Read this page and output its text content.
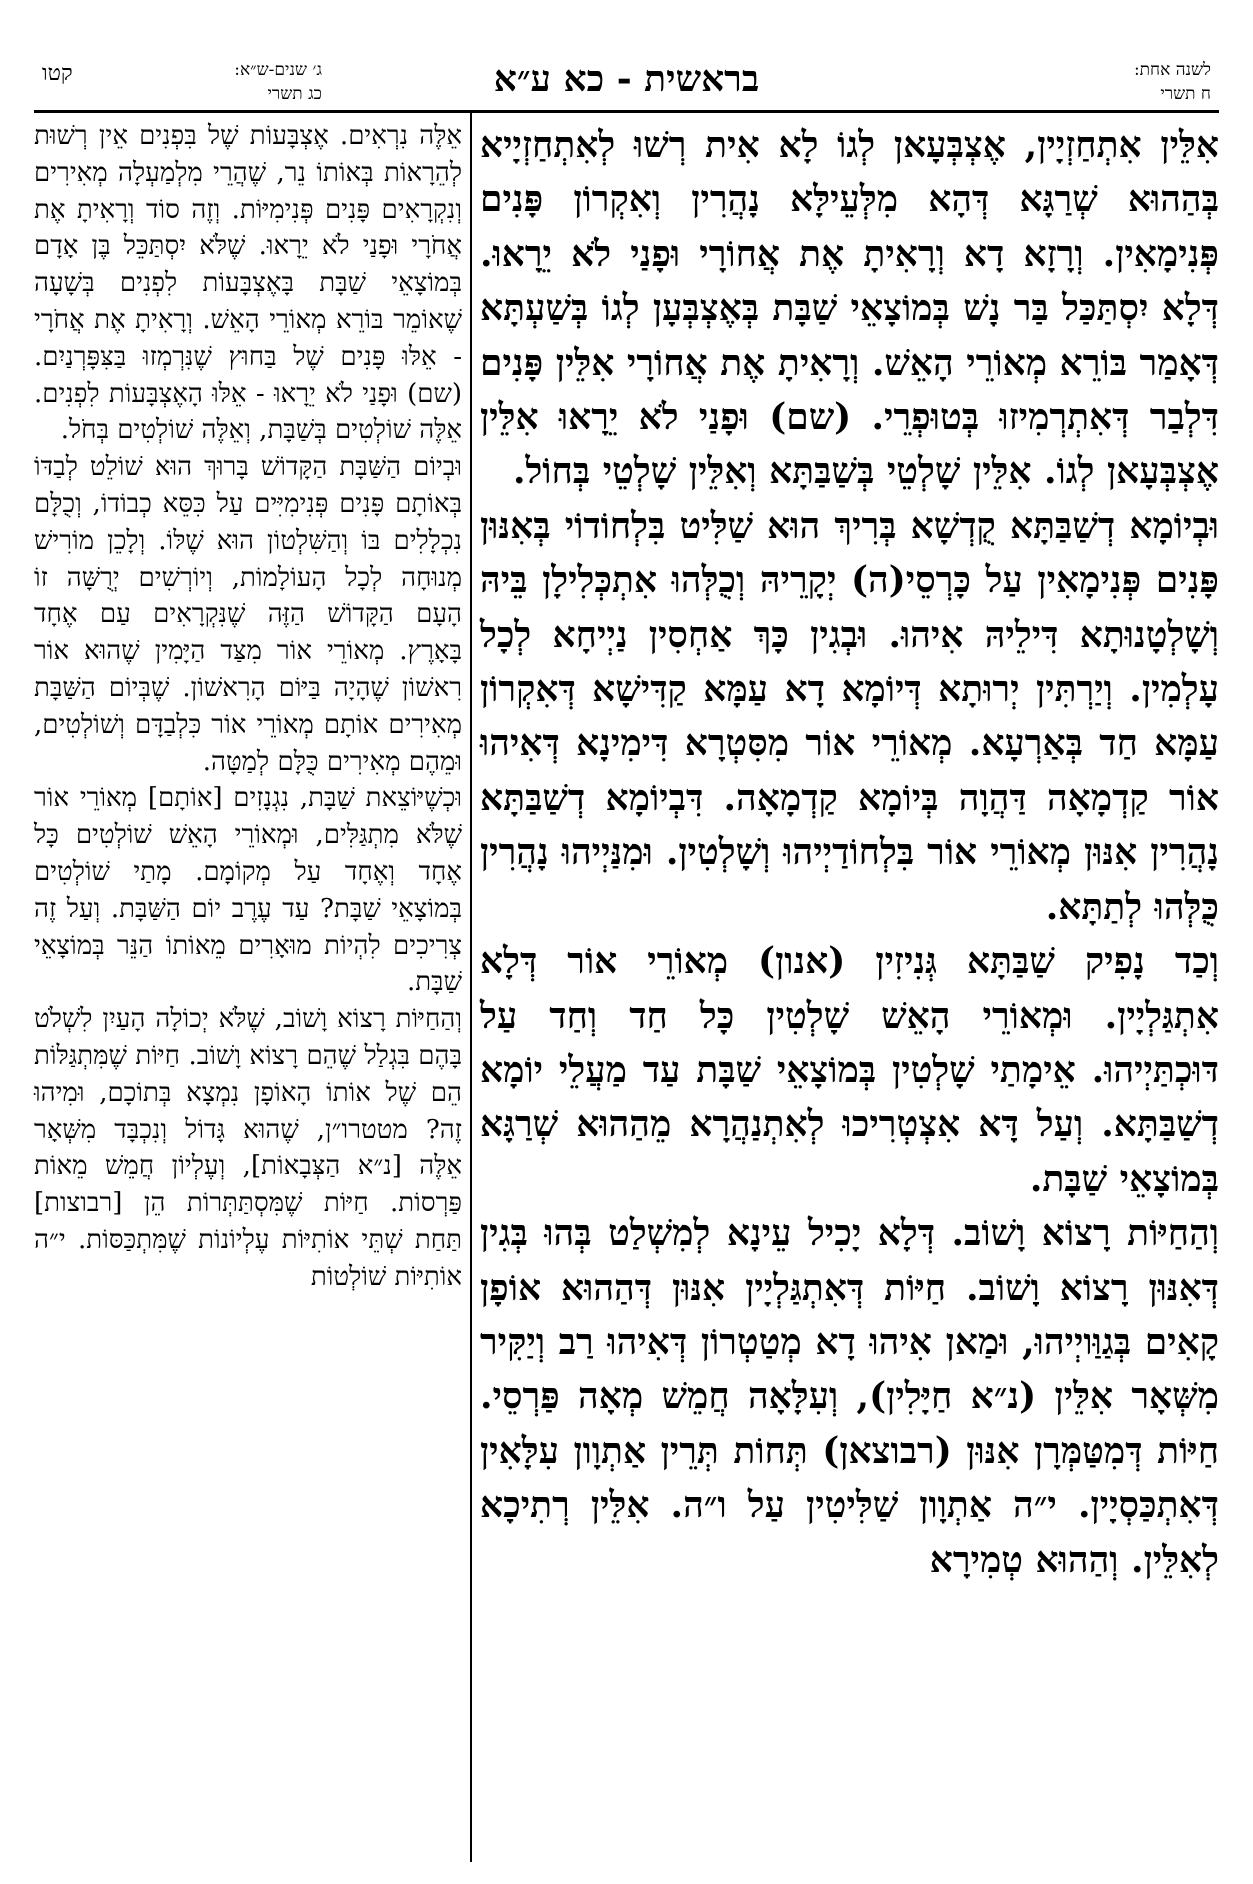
קטו	ג׳ שנים-ש״א:
כג תשרי	בראשית - כא ע״א	לשנה אחת:
ח תשרי

אִלֵּין אִתְחַזְיָין, אֶצְבְּעָאן לְגוֹ לָא אִית רְשׁוּ לְאִתְחַזְיָיא בְּהַהוּא שְׁרַגָּא דְּהָא מִלְּעֵילָּא נָהֲרִין וְאִקְרוֹן פָּנִים פְּנִימָאִין. וְרָזָא דָא וְרָאִיתָ אֶת אֲחוֹרָי וּפָנַי לֹא יֵרָאוּ. דְּלָא יִסְתַּכַּל בַּר נָשׁ בְּמוֹצָאֵי שַׁבָּת בְּאֶצְבְּעָן לְגוֹ בְּשַׁעְתָּא דְּאָמַר בּוֹרֵא מְאוֹרֵי הָאֵשׁ. וְרָאִיתָ אֶת אֲחוֹרָי אִלֵּין פָּנִים דִּלְבַר דְּאִתְרְמִיזוּ בְּטוּפְרֵי. (שם) וּפָנַי לֹא יֵרָאוּ אִלֵּין אֶצְבְּעָאן לְגוֹ. אִלֵּין שָׁלְטֵי בְּשַׁבַּתָּא וְאִלֵּין שָׁלְטֵי בְּחוֹל.

וּבְיוֹמָא דְשַׁבַּתָּא קֻדְשָׁא בְּרִיךְ הוּא שַׁלִּיט בִּלְחוֹדוֹי בְּאִנּוּן פָּנִים פְּנִימָאִין עַל כָּרְסֵי(ה) יְקָרֵיהּ וְכֻלְּהוּ אִתְכְּלִילָן בֵּיהּ וְשָׁלְטָנוּתָא דִּילֵיהּ אִיהוּ. וּבְגִין כָּךְ אַחְסִין נַיְיחָא לְכָל עָלְמִין. וְיַרְתִּין יְרוּתָא דְּיוֹמָא דָא עַמָּא קַדִּישָׁא דְּאִקְרוֹן עַמָּא חַד בְּאַרְעָא. מְאוֹרֵי אוֹר מִסִּטְרָא דִּימִינָא דְּאִיהוּ אוֹר קַדְמָאָה דַּהֲוָה בְּיוֹמָא קַדְמָאָה. דִּבְיוֹמָא דְשַׁבַּתָּא נָהֲרִין אִנּוּן מְאוֹרֵי אוֹר בִּלְחוֹדַיְיהוּ וְשָׁלְטִין. וּמִנַּיְיהוּ נָהֲרִין כֻּלְּהוּ לְתַתָּא.

וְכַד נָפִיק שַׁבַּתָּא גְּנִיזִין (אנון) מְאוֹרֵי אוֹר דְּלָא אִתְגַּלְיָין. וּמְאוֹרֵי הָאֵשׁ שָׁלְטִין כָּל חַד וְחַד עַל דּוּכְתַּיְיהוּ. אֵימָתַי שָׁלְטִין בְּמוֹצָאֵי שַׁבָּת עַד מַעֲלֵי יוֹמָא דְשַׁבַּתָּא. וְעַל דָּא אִצְטְרִיכוּ לְאִתְנַהֲרָא מֵהַהוּא שְׁרַגָּא בְּמוֹצָאֵי שַׁבָּת.

וְהַחַיּוֹת רָצוֹא וָשׁוֹב. דְּלָא יָכִיל עֵינָא לְמִשְׁלַט בְּהוּ בְּגִין דְּאִנּוּן רָצוֹא וָשׁוֹב. חַיּוֹת דְּאִתְגַּלְיָין אִנּוּן דְּהַהוּא אוֹפָן קָאִים בְּגַוַּויְיהוּ, וּמַאן אִיהוּ דָא מְטַטְרוֹן דְּאִיהוּ רַב וְיַקִּיר מִשְּׁאָר אִלֵּין (נ״א חַיָּלִין), וְעִלָּאָה חֲמֵשׁ מְאָה פַּרְסֵי. חַיּוֹת דְּמִטַּמְּרָן אִנּוּן (רבוצאן) תְּחוֹת תְּרֵין אַתְוָון עִלָּאִין דְּאִתְכַּסְיָין. י״ה אַתְוָון שַׁלִּיטִין עַל ו״ה. אִלֵּין רְתִיכָא לְאִלֵּין. וְהַהוּא טְמִירָא

אֵלֶּה נִרְאִים. אֶצְבָּעוֹת שֶׁל בִּפְנִים אֵין רְשׁוּת לְהֵרָאוֹת בְּאוֹתוֹ נֵר, שֶׁהֲרֵי מִלְמַעְלָה מְאִירִים וְנִקְרָאִים פָּנִים פְּנִימִיּוֹת. וְזֶה סוֹד וְרָאִיתָ אֶת אֲחֹרָי וּפָנַי לֹא יֵרָאוּ. שֶׁלֹּא יִסְתַּכֵּל בֶּן אָדָם בְּמוֹצָאֵי שַׁבָּת בָּאֶצְבָּעוֹת לִפְנִים בְּשָׁעָה שֶׁאוֹמֵר בּוֹרֵא מְאוֹרֵי הָאֵשׁ. וְרָאִיתָ אֶת אֲחֹרָי - אֵלּוּ פָּנִים שֶׁל בַּחוּץ שֶׁנִּרְמְזוּ בַּצִּפָּרְנַיִם. (שם) וּפָנַי לֹא יֵרָאוּ - אֵלּוּ הָאֶצְבָּעוֹת לִפְנִים. אֵלֶּה שׁוֹלְטִים בְּשַׁבָּת, וְאֵלֶּה שׁוֹלְטִים בְּחֹל.

וּבְיוֹם הַשַּׁבָּת הַקָּדוֹשׁ בָּרוּךְ הוּא שׁוֹלֵט לְבַדּוֹ בְּאוֹתָם פָּנִים פְּנִימִיִּים עַל כִּסֵּא כְבוֹדוֹ, וְכֻלָּם נִכְלָלִים בּוֹ וְהַשִּׁלְטוֹן הוּא שֶׁלּוֹ. וְלָכֵן מוֹרִישׁ מְנוּחָה לְכָל הָעוֹלָמוֹת, וְיוֹרְשִׁים יְרֻשָּׁה זוֹ הָעָם הַקָּדוֹשׁ הַזֶּה שֶׁנִּקְרָאִים עַם אֶחָד בָּאָרֶץ. מְאוֹרֵי אוֹר מִצַּד הַיָּמִין שֶׁהוּא אוֹר רִאשׁוֹן שֶׁהָיָה בַּיּוֹם הָרִאשׁוֹן. שֶׁבְּיוֹם הַשַּׁבָּת מְאִירִים אוֹתָם מְאוֹרֵי אוֹר כִּלְבַדָּם וְשׁוֹלְטִים, וּמֵהֶם מְאִירִים כֻּלָּם לְמַטָּה.

וּכְשֶׁיּוֹצֵאת שַׁבָּת, נִגְנָזִים [אוֹתָם] מְאוֹרֵי אוֹר שֶׁלֹּא מִתְגַּלִּים, וּמְאוֹרֵי הָאֵשׁ שׁוֹלְטִים כָּל אֶחָד וְאֶחָד עַל מְקוֹמָם. מָתַי שׁוֹלְטִים בְּמוֹצָאֵי שַׁבָּת? עַד עֶרֶב יוֹם הַשַּׁבָּת. וְעַל זֶה צְרִיכִים לִהְיוֹת מוּאָרִים מֵאוֹתוֹ הַנֵּר בְּמוֹצָאֵי שַׁבָּת.

וְהַחַיּוֹת רָצוֹא וָשׁוֹב, שֶׁלֹּא יְכוֹלָה הָעַיִן לִשְׁלֹט בָּהֶם בִּגְלַל שֶׁהֵם רָצוֹא וָשׁוֹב. חַיּוֹת שֶׁמִּתְגַּלּוֹת הֵם שֶׁל אוֹתוֹ הָאוֹפָן נִמְצָא בְּתוֹכָם, וּמִיהוּ זֶה? מטטרו״ן, שֶׁהוּא גָּדוֹל וְנִכְבָּד מִשְּׁאָר אֵלֶּה [נ״א הַצְּבָאוֹת], וְעֶלְיוֹן חֲמֵשׁ מֵאוֹת פַּרְסוֹת. חַיּוֹת שֶׁמִּסְתַּתְּרוֹת הֵן [רבוצות] תַּחַת שְׁתֵּי אוֹתִיּוֹת עֶלְיוֹנוֹת שֶׁמִּתְכַּסּוֹת. י״ה אוֹתִיּוֹת שׁוֹלְטוֹת
